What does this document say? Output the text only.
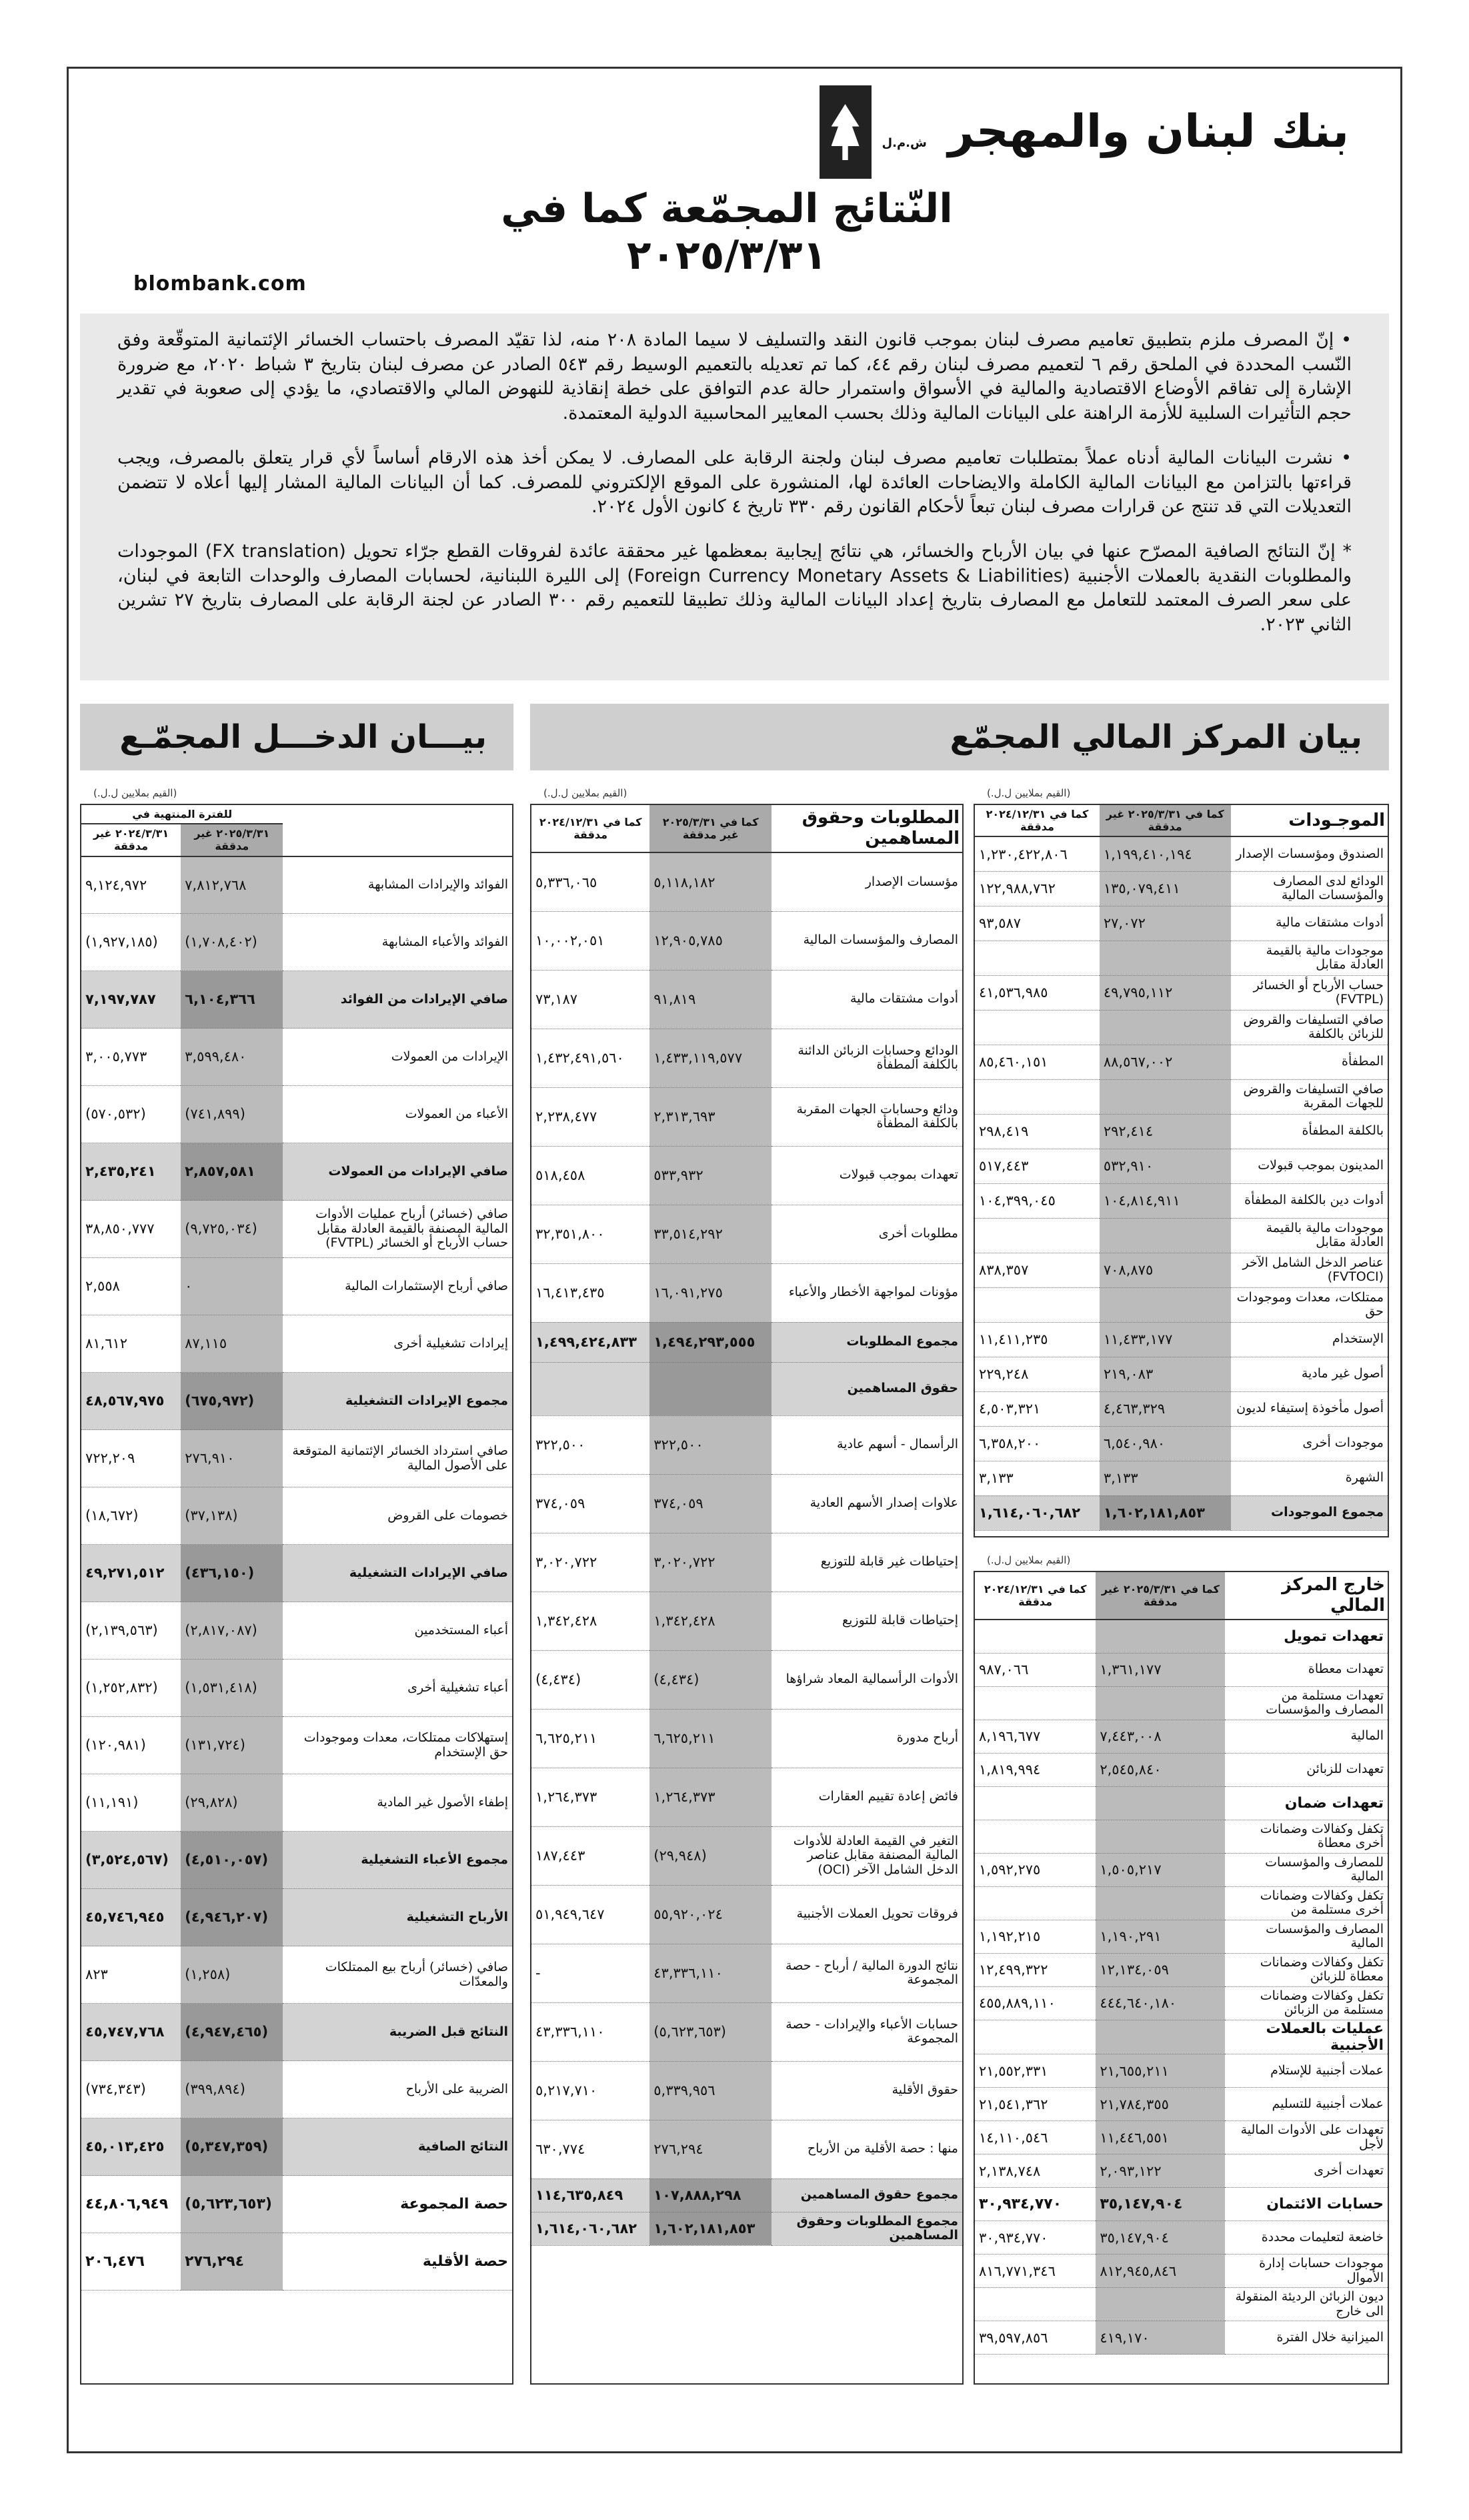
بنك لبنان والمهجر ش.م.ل
النّتائج المجمّعة كما في ٢٠٢٥/٣/٣١
blombank.com

• إنّ المصرف ملزم بتطبيق تعاميم مصرف لبنان بموجب قانون النقد والتسليف لا سيما المادة ٢٠٨ منه، لذا تقيّد المصرف باحتساب الخسائر الإئتمانية المتوقّعة وفق النّسب المحددة في الملحق رقم ٦ لتعميم مصرف لبنان رقم ٤٤، كما تم تعديله بالتعميم الوسيط رقم ٥٤٣ الصادر عن مصرف لبنان بتاريخ ٣ شباط ٢٠٢٠، مع ضرورة الإشارة إلى تفاقم الأوضاع الاقتصادية والمالية في الأسواق واستمرار حالة عدم التوافق على خطة إنقاذية للنهوض المالي والاقتصادي، ما يؤدي إلى صعوبة في تقدير حجم التأثيرات السلبية للأزمة الراهنة على البيانات المالية وذلك بحسب المعايير المحاسبية الدولية المعتمدة.

• نشرت البيانات المالية أدناه عملاً بمتطلبات تعاميم مصرف لبنان ولجنة الرقابة على المصارف. لا يمكن أخذ هذه الارقام أساساً لأي قرار يتعلق بالمصرف، ويجب قراءتها بالتزامن مع البيانات المالية الكاملة والايضاحات العائدة لها، المنشورة على الموقع الإلكتروني للمصرف. كما أن البيانات المالية المشار إليها أعلاه لا تتضمن التعديلات التي قد تنتج عن قرارات مصرف لبنان تبعاً لأحكام القانون رقم ٣٣٠ تاريخ ٤ كانون الأول ٢٠٢٤.

* إنّ النتائج الصافية المصرّح عنها في بيان الأرباح والخسائر، هي نتائج إيجابية بمعظمها غير محققة عائدة لفروقات القطع جرّاء تحويل (FX translation) الموجودات والمطلوبات النقدية بالعملات الأجنبية (Foreign Currency Monetary Assets & Liabilities) إلى الليرة اللبنانية، لحسابات المصارف والوحدات التابعة في لبنان، على سعر الصرف المعتمد للتعامل مع المصارف بتاريخ إعداد البيانات المالية وذلك تطبيقا للتعميم رقم ٣٠٠ الصادر عن لجنة الرقابة على المصارف بتاريخ ٢٧ تشرين الثاني ٢٠٢٣.

بيان المركز المالي المجمّع
بيـــان الدخـــل المجمّـع
(القيم بملايين ل.ل.)
الموجـودات	كما في ٢٠٢٥/٣/٣١ غير مدققة	كما في ٢٠٢٤/١٢/٣١ مدققة
الصندوق ومؤسسات الإصدار	١,١٩٩,٤١٠,١٩٤	١,٢٣٠,٤٢٢,٨٠٦
الودائع لدى المصارف والمؤسسات المالية	١٣٥,٠٧٩,٤١١	١٢٢,٩٨٨,٧٦٢
أدوات مشتقات مالية	٢٧,٠٧٢	٩٣,٥٨٧
موجودات مالية بالقيمة العادلة مقابل		
حساب الأرباح أو الخسائر (FVTPL)	٤٩,٧٩٥,١١٢	٤١,٥٣٦,٩٨٥
صافي التسليفات والقروض للزبائن بالكلفة		
المطفأة	٨٨,٥٦٧,٠٠٢	٨٥,٤٦٠,١٥١
صافي التسليفات والقروض للجهات المقربة		
بالكلفة المطفأة	٢٩٢,٤١٤	٢٩٨,٤١٩
المدينون بموجب قبولات	٥٣٢,٩١٠	٥١٧,٤٤٣
أدوات دين بالكلفة المطفأة	١٠٤,٨١٤,٩١١	١٠٤,٣٩٩,٠٤٥
موجودات مالية بالقيمة العادلة مقابل		
عناصر الدخل الشامل الآخر (FVTOCI)	٧٠٨,٨٧٥	٨٣٨,٣٥٧
ممتلكات، معدات وموجودات حق		
الإستخدام	١١,٤٣٣,١٧٧	١١,٤١١,٢٣٥
أصول غير مادية	٢١٩,٠٨٣	٢٢٩,٢٤٨
أصول مأخوذة إستيفاء لديون	٤,٤٦٣,٣٢٩	٤,٥٠٣,٣٢١
موجودات أخرى	٦,٥٤٠,٩٨٠	٦,٣٥٨,٢٠٠
الشهرة	٣,١٣٣	٣,١٣٣
مجموع الموجودات	١,٦٠٢,١٨١,٨٥٣	١,٦١٤,٠٦٠,٦٨٢
(القيم بملايين ل.ل.)
خارج المركز المالي	كما في ٢٠٢٥/٣/٣١ غير مدققة	كما في ٢٠٢٤/١٢/٣١ مدققة
تعهدات تمويل		
تعهدات معطاة	١,٣٦١,١٧٧	٩٨٧,٠٦٦
تعهدات مستلمة من المصارف والمؤسسات		
المالية	٧,٤٤٣,٠٠٨	٨,١٩٦,٦٧٧
تعهدات للزبائن	٢,٥٤٥,٨٤٠	١,٨١٩,٩٩٤
تعهدات ضمان		
تكفل وكفالات وضمانات أخرى معطاة		
للمصارف والمؤسسات المالية	١,٥٠٥,٢١٧	١,٥٩٢,٢٧٥
تكفل وكفالات وضمانات أخرى مستلمة من		
المصارف والمؤسسات المالية	١,١٩٠,٢٩١	١,١٩٢,٢١٥
تكفل وكفالات وضمانات معطاة للزبائن	١٢,١٣٤,٠٥٩	١٢,٤٩٩,٣٢٢
تكفل وكفالات وضمانات مستلمة من الزبائن	٤٤٤,٦٤٠,١٨٠	٤٥٥,٨٨٩,١١٠
عمليات بالعملات الأجنبية		
عملات أجنبية للإستلام	٢١,٦٥٥,٢١١	٢١,٥٥٢,٣٣١
عملات أجنبية للتسليم	٢١,٧٨٤,٣٥٥	٢١,٥٤١,٣٦٢
تعهدات على الأدوات المالية لأجل	١١,٤٤٦,٥٥١	١٤,١١٠,٥٤٦
تعهدات أخرى	٢,٠٩٣,١٢٢	٢,١٣٨,٧٤٨
حسابات الائتمان	٣٥,١٤٧,٩٠٤	٣٠,٩٣٤,٧٧٠
خاضعة لتعليمات محددة	٣٥,١٤٧,٩٠٤	٣٠,٩٣٤,٧٧٠
موجودات حسابات إدارة الأموال	٨١٢,٩٤٥,٨٤٦	٨١٦,٧٧١,٣٤٦
ديون الزبائن الرديئة المنقولة الى خارج		
الميزانية خلال الفترة	٤١٩,١٧٠	٣٩,٥٩٧,٨٥٦
(القيم بملايين ل.ل.)
المطلوبات وحقوق المساهمين	كما في ٢٠٢٥/٣/٣١ غير مدققة	كما في ٢٠٢٤/١٢/٣١ مدققة
مؤسسات الإصدار	٥,١١٨,١٨٢	٥,٣٣٦,٠٦٥
المصارف والمؤسسات المالية	١٢,٩٠٥,٧٨٥	١٠,٠٠٢,٠٥١
أدوات مشتقات مالية	٩١,٨١٩	٧٣,١٨٧
الودائع وحسابات الزبائن الدائنة بالكلفة المطفأة	١,٤٣٣,١١٩,٥٧٧	١,٤٣٢,٤٩١,٥٦٠
ودائع وحسابات الجهات المقربة بالكلفة المطفأة	٢,٣١٣,٦٩٣	٢,٢٣٨,٤٧٧
تعهدات بموجب قبولات	٥٣٣,٩٣٢	٥١٨,٤٥٨
مطلوبات أخرى	٣٣,٥١٤,٢٩٢	٣٢,٣٥١,٨٠٠
مؤونات لمواجهة الأخطار والأعباء	١٦,٠٩١,٢٧٥	١٦,٤١٣,٤٣٥
مجموع المطلوبات	١,٤٩٤,٢٩٣,٥٥٥	١,٤٩٩,٤٢٤,٨٣٣
حقوق المساهمين		
الرأسمال - أسهم عادية	٣٢٢,٥٠٠	٣٢٢,٥٠٠
علاوات إصدار الأسهم العادية	٣٧٤,٠٥٩	٣٧٤,٠٥٩
إحتياطات غير قابلة للتوزيع	٣,٠٢٠,٧٢٢	٣,٠٢٠,٧٢٢
إحتياطات قابلة للتوزيع	١,٣٤٢,٤٢٨	١,٣٤٢,٤٢٨
الأدوات الرأسمالية المعاد شراؤها	(٤,٤٣٤)	(٤,٤٣٤)
أرباح مدورة	٦,٦٢٥,٢١١	٦,٦٢٥,٢١١
فائض إعادة تقييم العقارات	١,٢٦٤,٣٧٣	١,٢٦٤,٣٧٣
التغير في القيمة العادلة للأدوات المالية المصنفة مقابل عناصر الدخل الشامل الآخر (OCI)	(٢٩,٩٤٨)	١٨٧,٤٤٣
فروقات تحويل العملات الأجنبية	٥٥,٩٢٠,٠٢٤	٥١,٩٤٩,٦٤٧
نتائج الدورة المالية / أرباح - حصة المجموعة	٤٣,٣٣٦,١١٠	-
حسابات الأعباء والإيرادات - حصة المجموعة	(٥,٦٢٣,٦٥٣)	٤٣,٣٣٦,١١٠
حقوق الأقلية	٥,٣٣٩,٩٥٦	٥,٢١٧,٧١٠
منها : حصة الأقلية من الأرباح	٢٧٦,٢٩٤	٦٣٠,٧٧٤
مجموع حقوق المساهمين	١٠٧,٨٨٨,٢٩٨	١١٤,٦٣٥,٨٤٩
مجموع المطلوبات وحقوق المساهمين	١,٦٠٢,١٨١,٨٥٣	١,٦١٤,٠٦٠,٦٨٢
(القيم بملايين ل.ل.)
	للفترة المنتهية في	
	٢٠٢٥/٣/٣١ غير مدققة	٢٠٢٤/٣/٣١ غير مدققة
الفوائد والإيرادات المشابهة	٧,٨١٢,٧٦٨	٩,١٢٤,٩٧٢
الفوائد والأعباء المشابهة	(١,٧٠٨,٤٠٢)	(١,٩٢٧,١٨٥)
صافي الإيرادات من الفوائد	٦,١٠٤,٣٦٦	٧,١٩٧,٧٨٧
الإيرادات من العمولات	٣,٥٩٩,٤٨٠	٣,٠٠٥,٧٧٣
الأعباء من العمولات	(٧٤١,٨٩٩)	(٥٧٠,٥٣٢)
صافي الإيرادات من العمولات	٢,٨٥٧,٥٨١	٢,٤٣٥,٢٤١
صافي (خسائر) أرباح عمليات الأدوات المالية المصنفة بالقيمة العادلة مقابل حساب الأرباح أو الخسائر (FVTPL)	(٩,٧٢٥,٠٣٤)	٣٨,٨٥٠,٧٧٧
صافي أرباح الإستثمارات المالية	٠	٢,٥٥٨
إيرادات تشغيلية أخرى	٨٧,١١٥	٨١,٦١٢
مجموع الإيرادات التشغيلية	(٦٧٥,٩٧٢)	٤٨,٥٦٧,٩٧٥
صافي استرداد الخسائر الإئتمانية المتوقعة على الأصول المالية	٢٧٦,٩١٠	٧٢٢,٢٠٩
خصومات على القروض	(٣٧,١٣٨)	(١٨,٦٧٢)
صافي الإيرادات التشغيلية	(٤٣٦,١٥٠)	٤٩,٢٧١,٥١٢
أعباء المستخدمين	(٢,٨١٧,٠٨٧)	(٢,١٣٩,٥٦٣)
أعباء تشغيلية أخرى	(١,٥٣١,٤١٨)	(١,٢٥٢,٨٣٢)
إستهلاكات ممتلكات، معدات وموجودات حق الإستخدام	(١٣١,٧٢٤)	(١٢٠,٩٨١)
إطفاء الأصول غير المادية	(٢٩,٨٢٨)	(١١,١٩١)
مجموع الأعباء التشغيلية	(٤,٥١٠,٠٥٧)	(٣,٥٢٤,٥٦٧)
الأرباح التشغيلية	(٤,٩٤٦,٢٠٧)	٤٥,٧٤٦,٩٤٥
صافي (خسائر) أرباح بيع الممتلكات والمعدّات	(١,٢٥٨)	٨٢٣
النتائج قبل الضريبة	(٤,٩٤٧,٤٦٥)	٤٥,٧٤٧,٧٦٨
الضريبة على الأرباح	(٣٩٩,٨٩٤)	(٧٣٤,٣٤٣)
النتائج الصافية	(٥,٣٤٧,٣٥٩)	٤٥,٠١٣,٤٢٥
حصة المجموعة	(٥,٦٢٣,٦٥٣)	٤٤,٨٠٦,٩٤٩
حصة الأقلية	٢٧٦,٢٩٤	٢٠٦,٤٧٦
